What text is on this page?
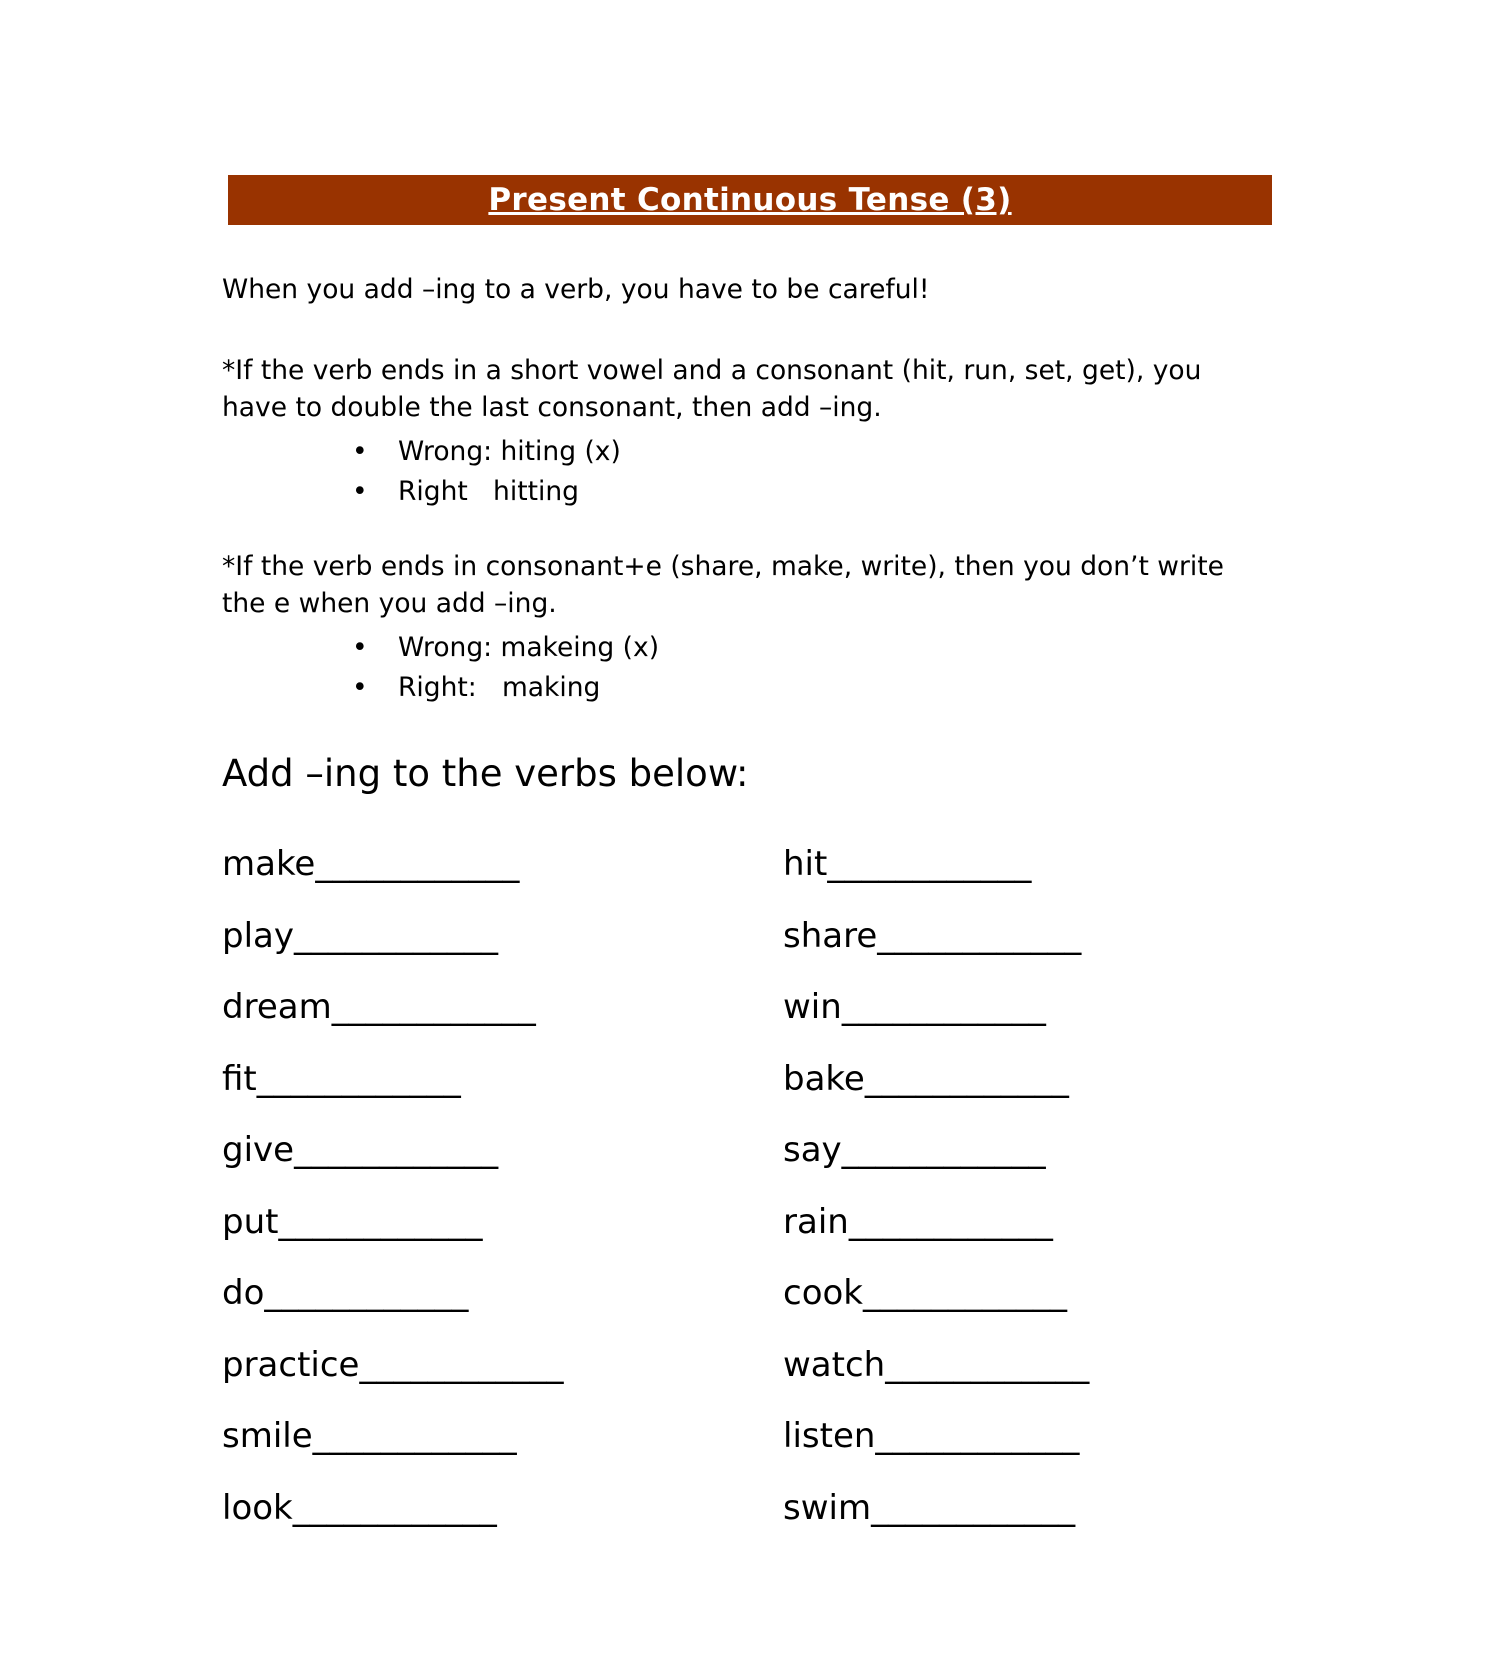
Present Continuous Tense (3)

When you add –ing to a verb, you have to be careful!

*If the verb ends in a short vowel and a consonant (hit, run, set, get), you have to double the last consonant, then add –ing.

•	Wrong: hiting (x)
•	Right   hitting

*If the verb ends in consonant+e (share, make, write), then you don’t write the e when you add –ing.

•	Wrong: makeing (x)
•	Right:   making
Add –ing to the verbs below:
make____________	hit____________
play____________	share____________
dream____________	win____________
fit____________	bake____________
give____________	say____________
put____________	rain____________
do____________	cook____________
practice____________	watch____________
smile____________	listen____________
look____________	swim____________
